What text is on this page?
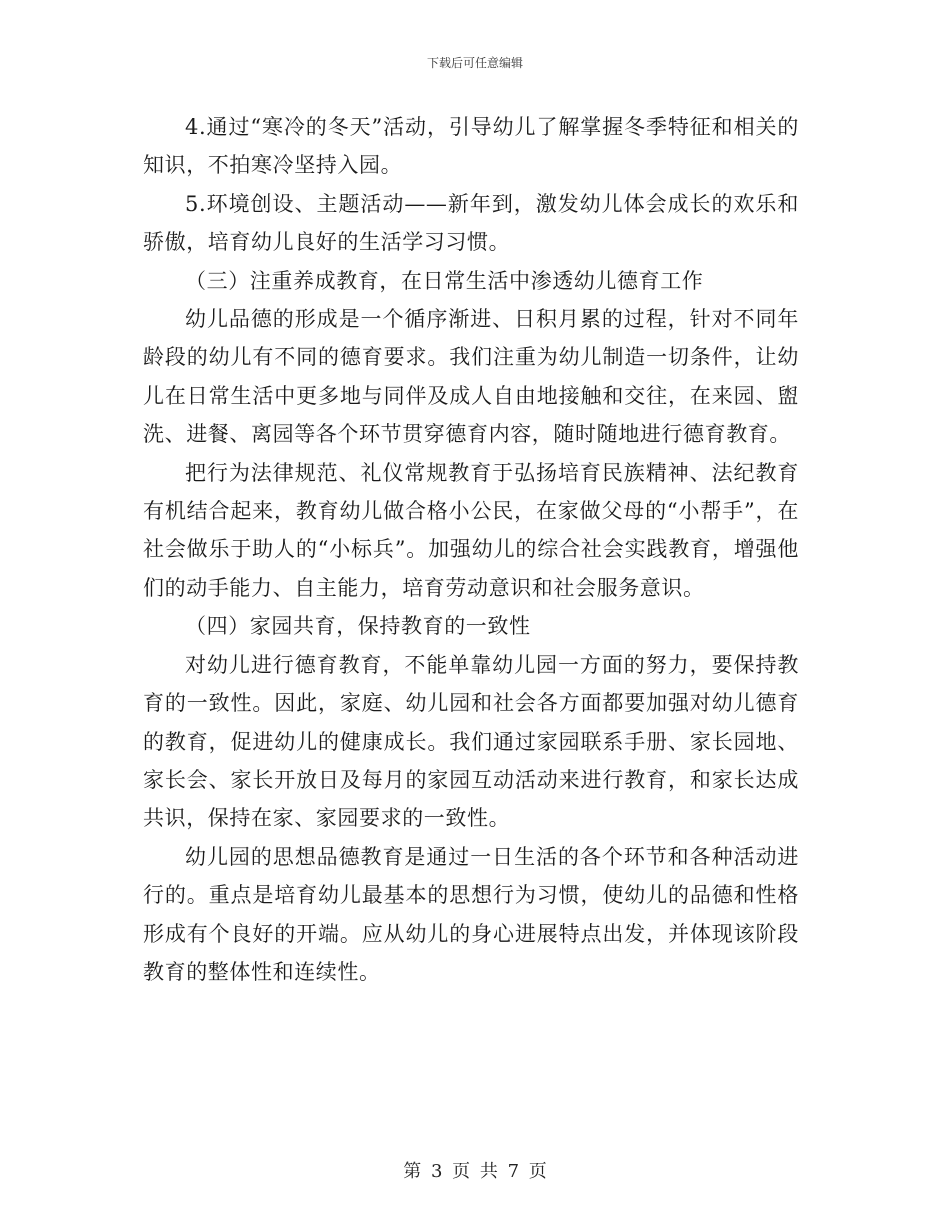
下载后可任意编辑

4.通过“寒冷的冬天”活动，引导幼儿了解掌握冬季特征和相关的知识，不拍寒冷坚持入园。

5.环境创设、主题活动——新年到，激发幼儿体会成长的欢乐和骄傲，培育幼儿良好的生活学习习惯。

（三）注重养成教育，在日常生活中渗透幼儿德育工作

幼儿品德的形成是一个循序渐进、日积月累的过程，针对不同年龄段的幼儿有不同的德育要求。我们注重为幼儿制造一切条件，让幼儿在日常生活中更多地与同伴及成人自由地接触和交往，在来园、盥洗、进餐、离园等各个环节贯穿德育内容，随时随地进行德育教育。

把行为法律规范、礼仪常规教育于弘扬培育民族精神、法纪教育有机结合起来，教育幼儿做合格小公民，在家做父母的“小帮手”，在社会做乐于助人的“小标兵”。加强幼儿的综合社会实践教育，增强他们的动手能力、自主能力，培育劳动意识和社会服务意识。

（四）家园共育，保持教育的一致性

对幼儿进行德育教育，不能单靠幼儿园一方面的努力，要保持教育的一致性。因此，家庭、幼儿园和社会各方面都要加强对幼儿德育的教育，促进幼儿的健康成长。我们通过家园联系手册、家长园地、家长会、家长开放日及每月的家园互动活动来进行教育，和家长达成共识，保持在家、家园要求的一致性。

幼儿园的思想品德教育是通过一日生活的各个环节和各种活动进行的。重点是培育幼儿最基本的思想行为习惯，使幼儿的品德和性格形成有个良好的开端。应从幼儿的身心进展特点出发，并体现该阶段教育的整体性和连续性。

第 3 页 共 7 页
